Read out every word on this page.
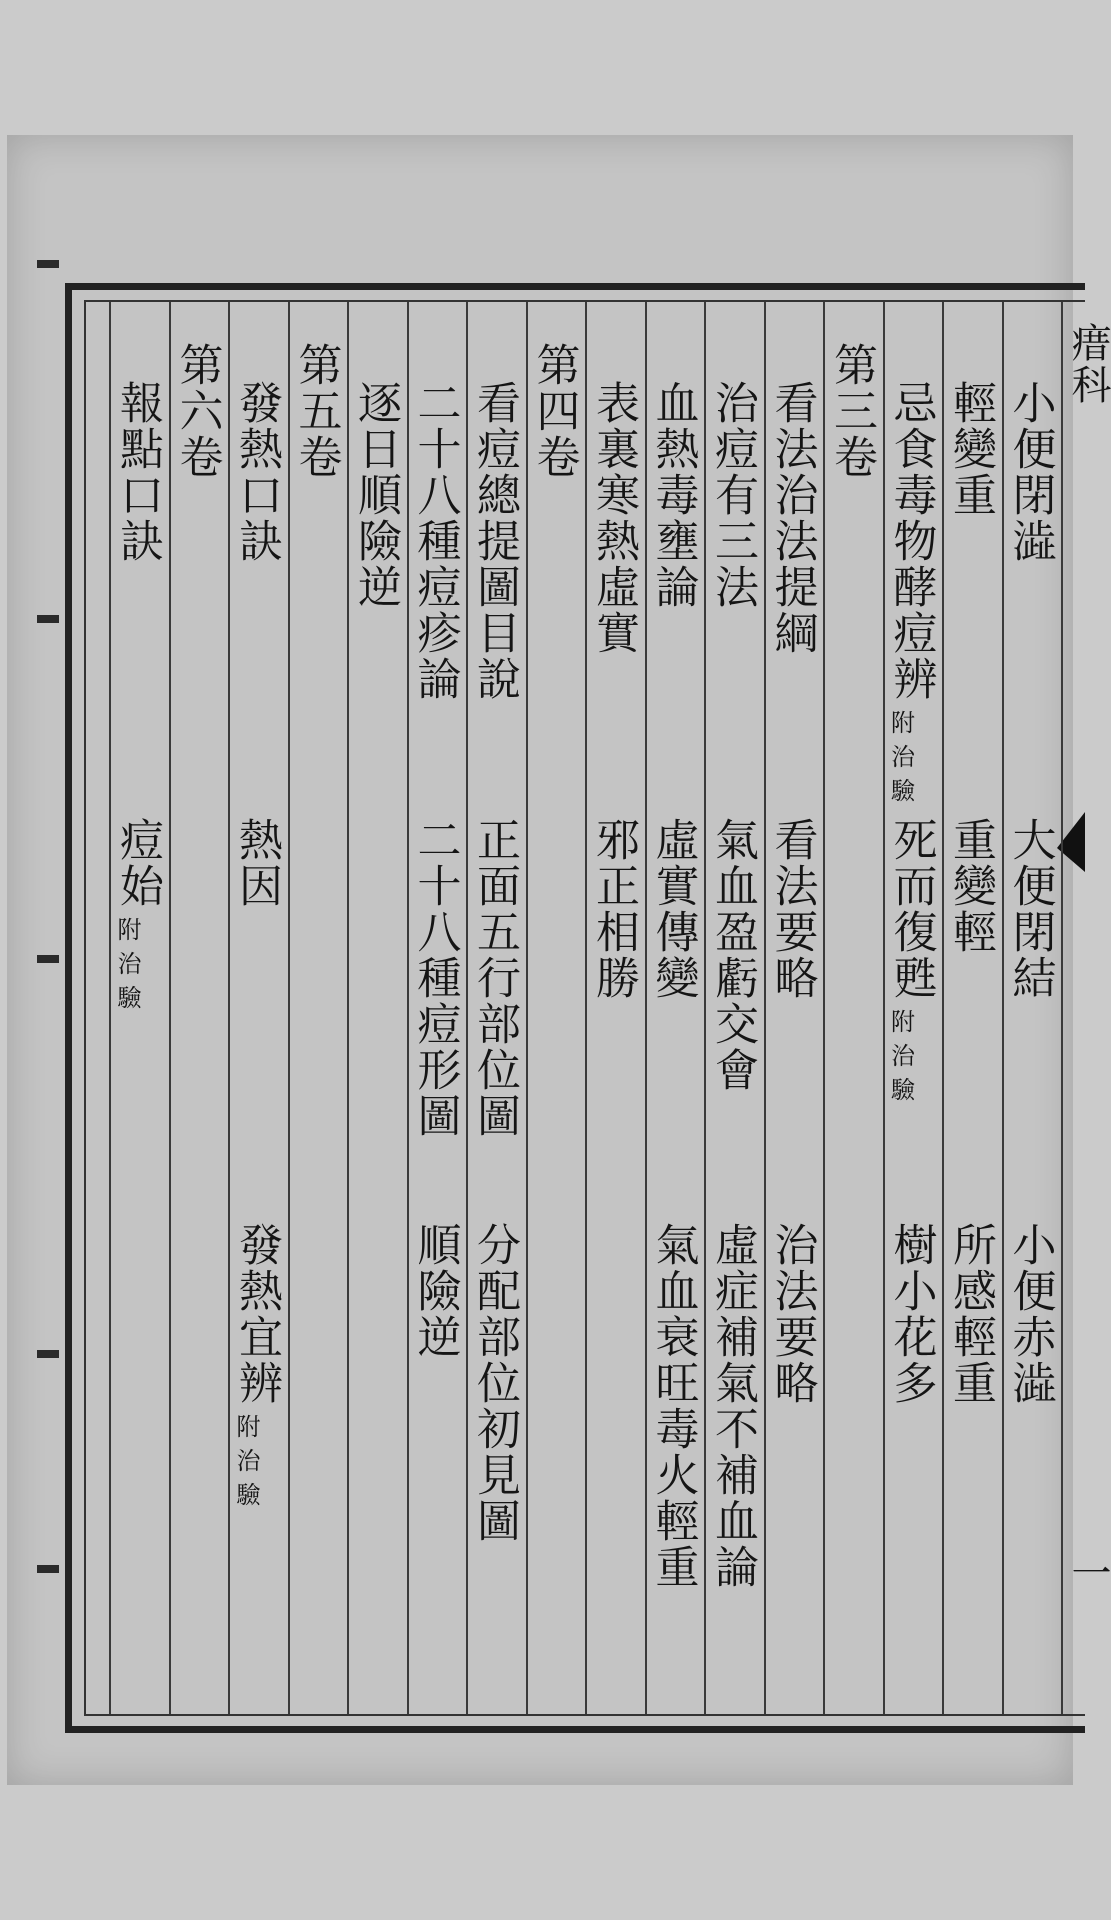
瘄科
一
小便閉澁
大便閉結
小便赤澁
輕變重
重變輕
所感輕重
忌食毒物酵痘辨
附治驗
死而復甦
附治驗
樹小花多
第三卷
看法治法提綱
看法要略
治法要略
治痘有三法
氣血盈虧交會
虛症補氣不補血論
血熱毒壅論
虛實傳變
氣血衰旺毒火輕重
表裏寒熱虛實
邪正相勝
第四卷
看痘總提圖目說
正面五行部位圖
分配部位初見圖
二十八種痘疹論
二十八種痘形圖
順險逆
逐日順險逆
第五卷
發熱口訣
熱因
發熱宜辨
附治驗
第六卷
報點口訣
痘始
附治驗
